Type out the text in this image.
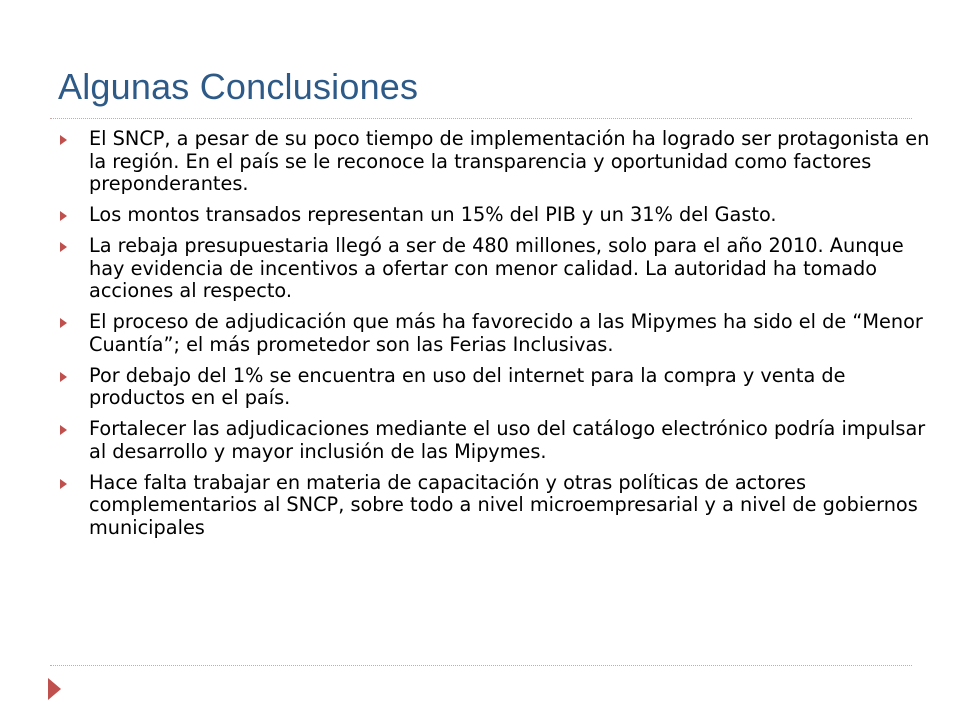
Algunas Conclusiones
El SNCP, a pesar de su poco tiempo de implementación ha logrado ser protagonista en la región. En el país se le reconoce la transparencia y oportunidad como factores preponderantes.
Los montos transados representan un 15% del PIB y un 31% del Gasto.
La rebaja presupuestaria llegó a ser de 480 millones, solo para el año 2010. Aunque hay evidencia de incentivos a ofertar con menor calidad. La autoridad ha tomado acciones al respecto.
El proceso de adjudicación que más ha favorecido a las Mipymes ha sido el de “Menor Cuantía”; el más prometedor son las Ferias Inclusivas.
Por debajo del 1% se encuentra en uso del internet para la compra y venta de productos en el país.
Fortalecer las adjudicaciones mediante el uso del catálogo electrónico podría impulsar al desarrollo y mayor inclusión de las Mipymes.
Hace falta trabajar en materia de capacitación y otras políticas de actores complementarios al SNCP, sobre todo a nivel microempresarial y a nivel de gobiernos municipales
